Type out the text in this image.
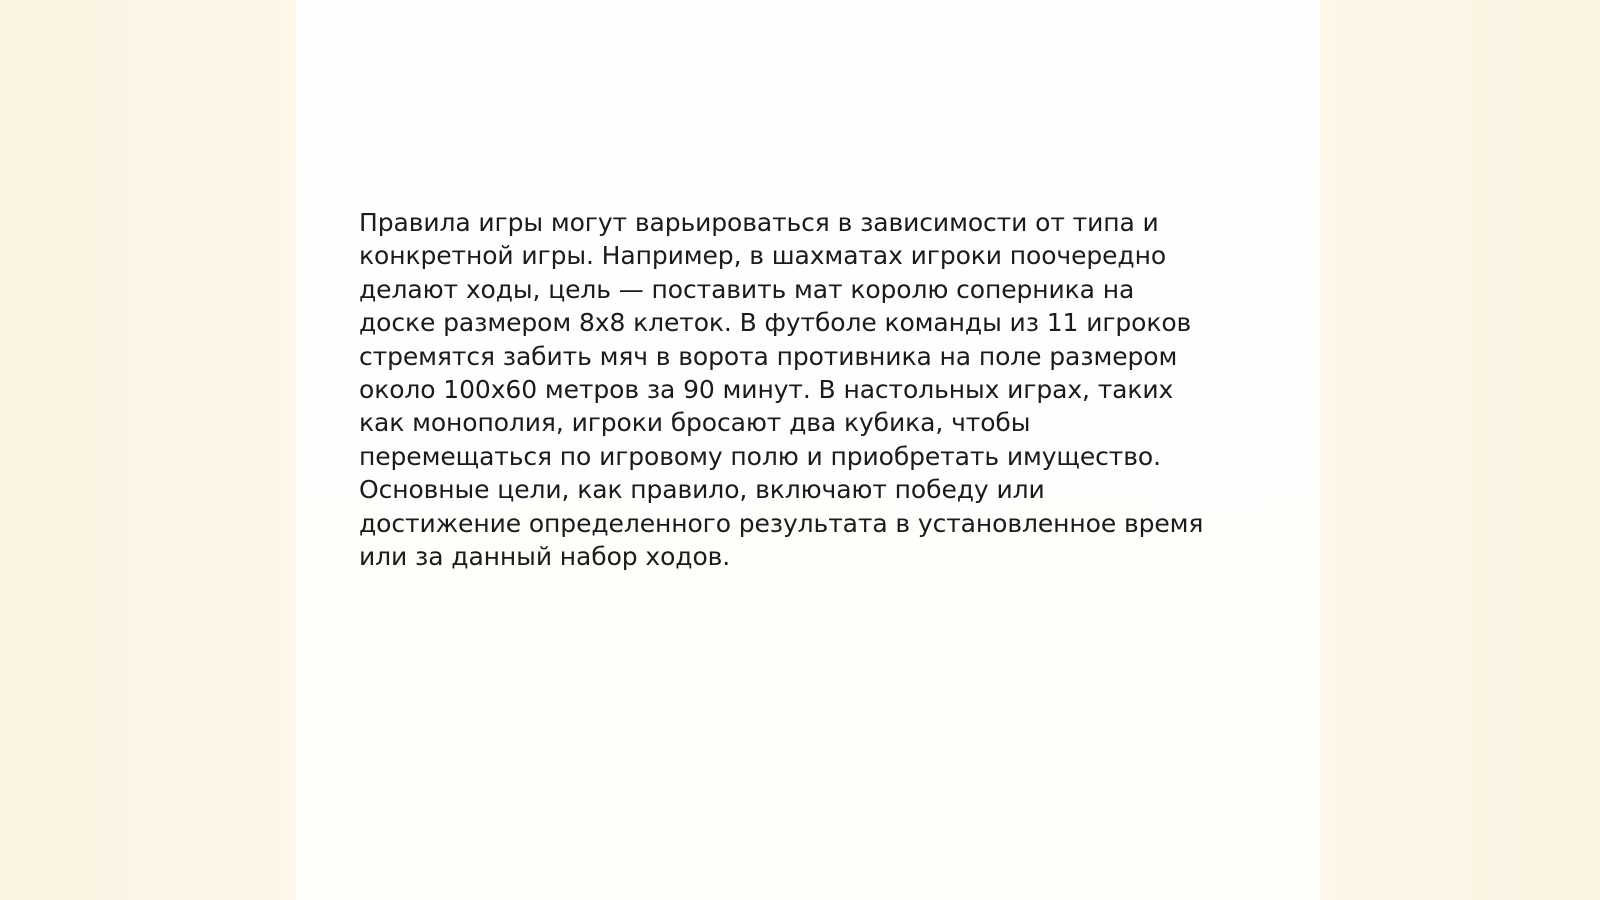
Правила игры могут варьироваться в зависимости от типа и
конкретной игры. Например, в шахматах игроки поочередно
делают ходы, цель — поставить мат королю соперника на
доске размером 8x8 клеток. В футболе команды из 11 игроков
стремятся забить мяч в ворота противника на поле размером
около 100x60 метров за 90 минут. В настольных играх, таких
как монополия, игроки бросают два кубика, чтобы
перемещаться по игровому полю и приобретать имущество.
Основные цели, как правило, включают победу или
достижение определенного результата в установленное время
или за данный набор ходов.
